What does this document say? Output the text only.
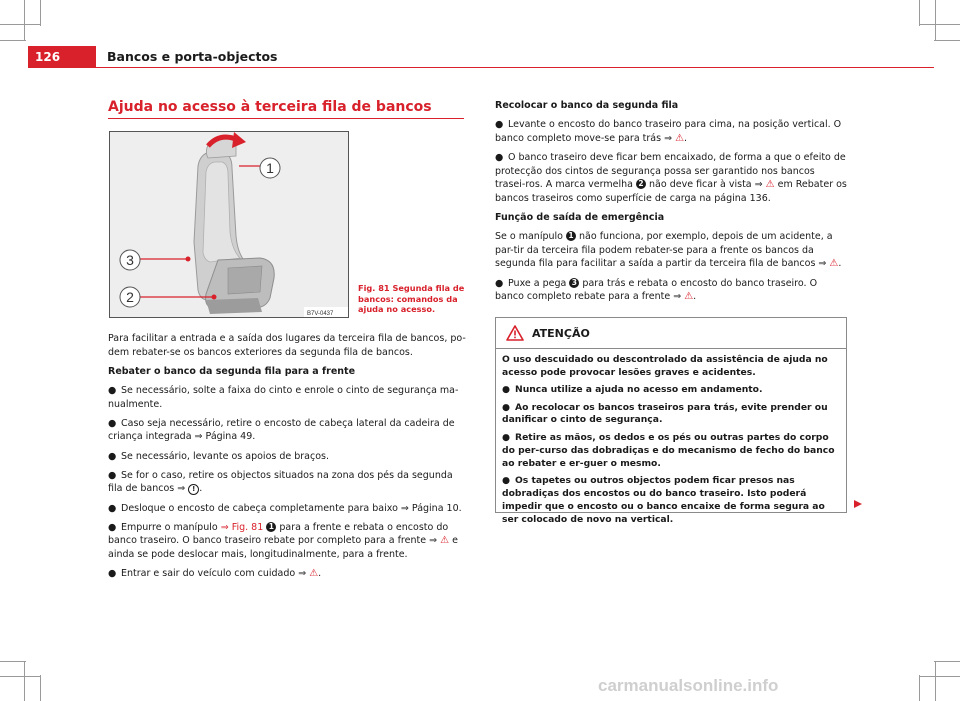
126	Bancos e porta-objectos
Ajuda no acesso à terceira fila de bancos
1
3
2
B7V-0437
Fig. 81 Segunda fila de bancos: comandos da ajuda no acesso.

Para facilitar a entrada e a saída dos lugares da terceira fila de bancos, po-dem rebater-se os bancos exteriores da segunda fila de bancos.

Rebater o banco da segunda fila para a frente

● Se necessário, solte a faixa do cinto e enrole o cinto de segurança ma-nualmente.

● Caso seja necessário, retire o encosto de cabeça lateral da cadeira de criança integrada ⇒ Página 49.

● Se necessário, levante os apoios de braços.

● Se for o caso, retire os objectos situados na zona dos pés da segunda fila de bancos ⇒ ! .

● Desloque o encosto de cabeça completamente para baixo ⇒ Página 10.

● Empurre o manípulo ⇒ Fig. 81 1 para a frente e rebata o encosto do banco traseiro. O banco traseiro rebate por completo para a frente ⇒ ⚠ e ainda se pode deslocar mais, longitudinalmente, para a frente.

● Entrar e sair do veículo com cuidado ⇒ ⚠.

Recolocar o banco da segunda fila

● Levante o encosto do banco traseiro para cima, na posição vertical. O banco completo move-se para trás ⇒ ⚠.

● O banco traseiro deve ficar bem encaixado, de forma a que o efeito de protecção dos cintos de segurança possa ser garantido nos bancos trasei-ros. A marca vermelha 2 não deve ficar à vista ⇒ ⚠ em Rebater os bancos traseiros como superfície de carga na página 136.

Função de saída de emergência

Se o manípulo 1 não funciona, por exemplo, depois de um acidente, a par-tir da terceira fila podem rebater-se para a frente os bancos da segunda fila para facilitar a saída a partir da terceira fila de bancos ⇒ ⚠.

● Puxe a pega 3 para trás e rebata o encosto do banco traseiro. O banco completo rebate para a frente ⇒ ⚠.

ATENÇÃO

O uso descuidado ou descontrolado da assistência de ajuda no acesso pode provocar lesões graves e acidentes.

● Nunca utilize a ajuda no acesso em andamento.

● Ao recolocar os bancos traseiros para trás, evite prender ou danificar o cinto de segurança.

● Retire as mãos, os dedos e os pés ou outras partes do corpo do per-curso das dobradiças e do mecanismo de fecho do banco ao rebater e er-guer o mesmo.

● Os tapetes ou outros objectos podem ficar presos nas dobradiças dos encostos ou do banco traseiro. Isto poderá impedir que o encosto ou o banco encaixe de forma segura ao ser colocado de novo na vertical.

carmanualsonline.info
